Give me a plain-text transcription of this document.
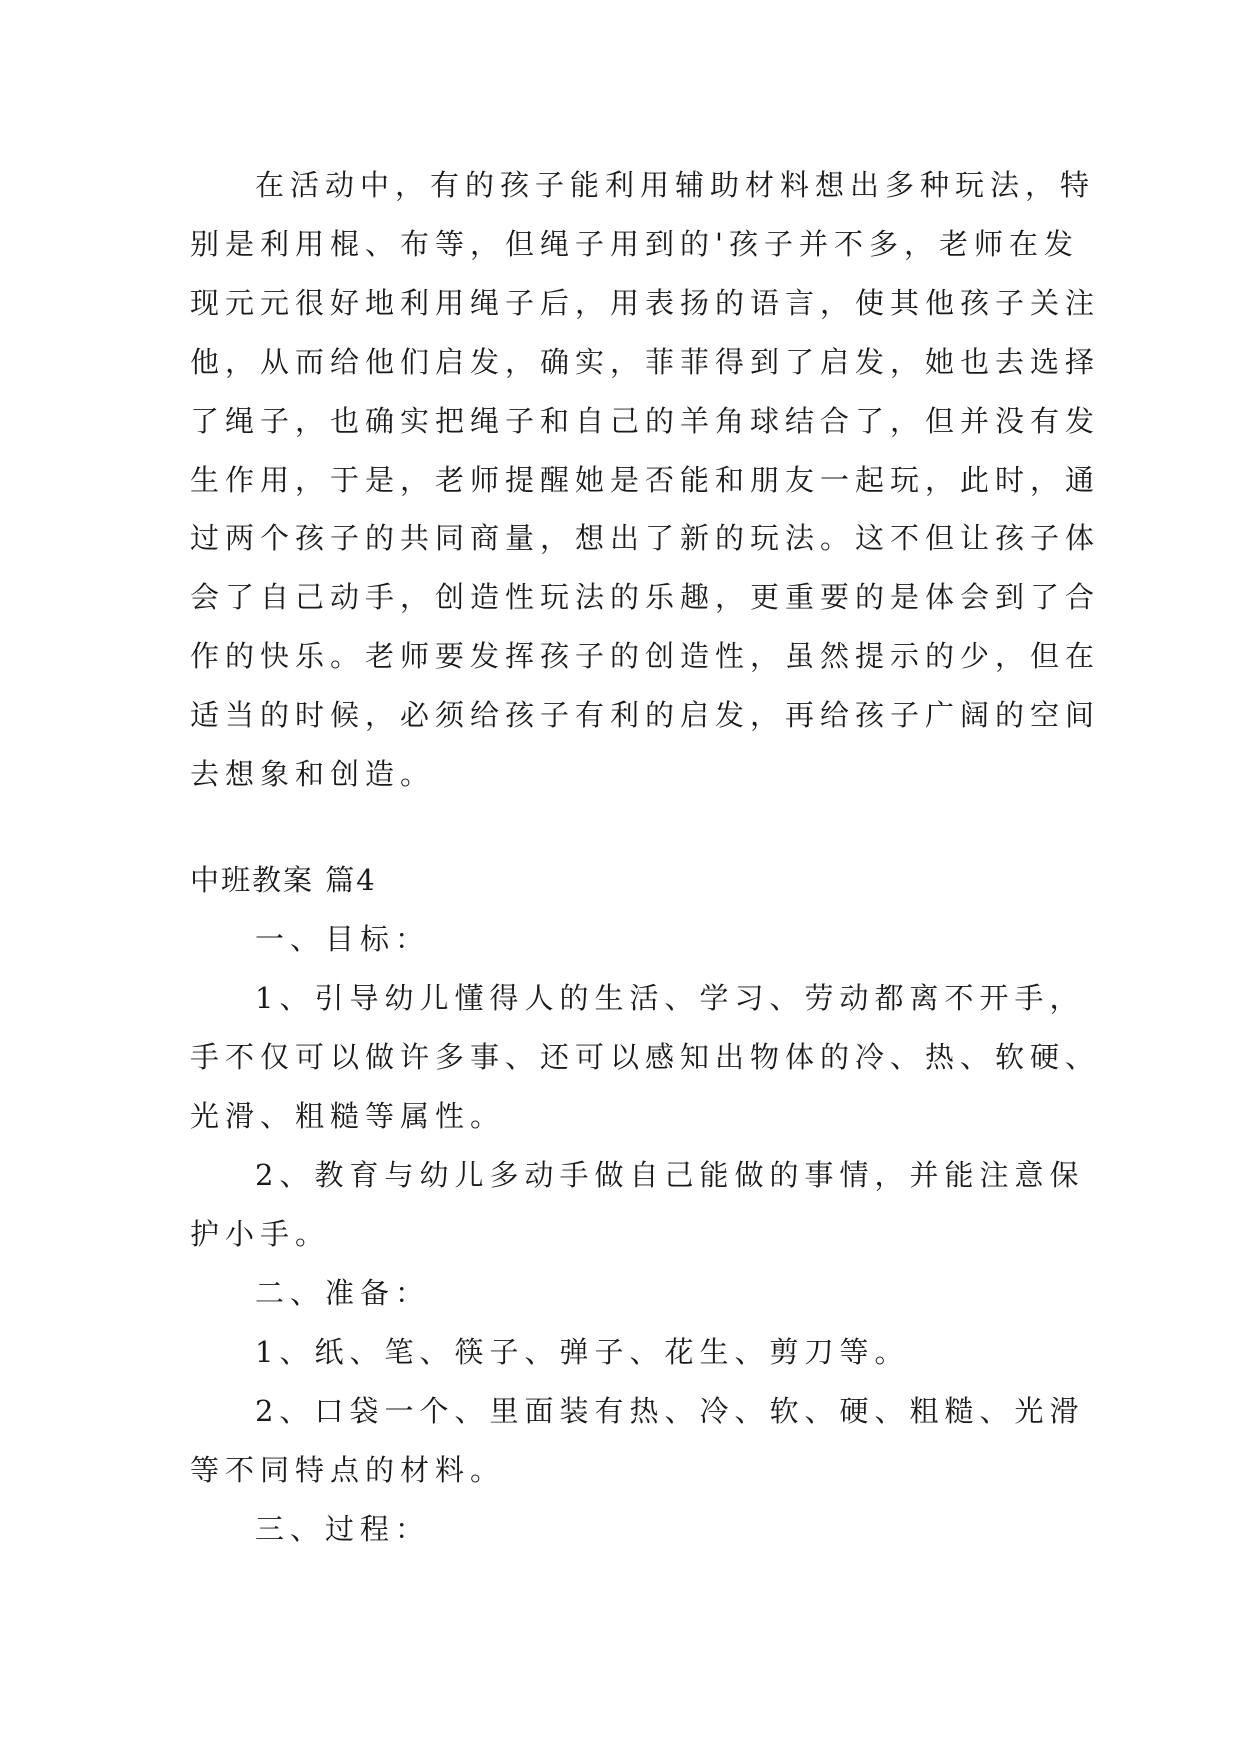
在活动中，有的孩子能利用辅助材料想出多种玩法，特
别是利用棍、布等，但绳子用到的'孩子并不多，老师在发
现元元很好地利用绳子后，用表扬的语言，使其他孩子关注
他，从而给他们启发，确实，菲菲得到了启发，她也去选择
了绳子，也确实把绳子和自己的羊角球结合了，但并没有发
生作用，于是，老师提醒她是否能和朋友一起玩，此时，通
过两个孩子的共同商量，想出了新的玩法。这不但让孩子体
会了自己动手，创造性玩法的乐趣，更重要的是体会到了合
作的快乐。老师要发挥孩子的创造性，虽然提示的少，但在
适当的时候，必须给孩子有利的启发，再给孩子广阔的空间
去想象和创造。
中班教案 篇4
一、目标：
1、引导幼儿懂得人的生活、学习、劳动都离不开手，
手不仅可以做许多事、还可以感知出物体的冷、热、软硬、
光滑、粗糙等属性。
2、教育与幼儿多动手做自己能做的事情，并能注意保
护小手。
二、准备：
1、纸、笔、筷子、弹子、花生、剪刀等。
2、口袋一个、里面装有热、冷、软、硬、粗糙、光滑
等不同特点的材料。
三、过程：
